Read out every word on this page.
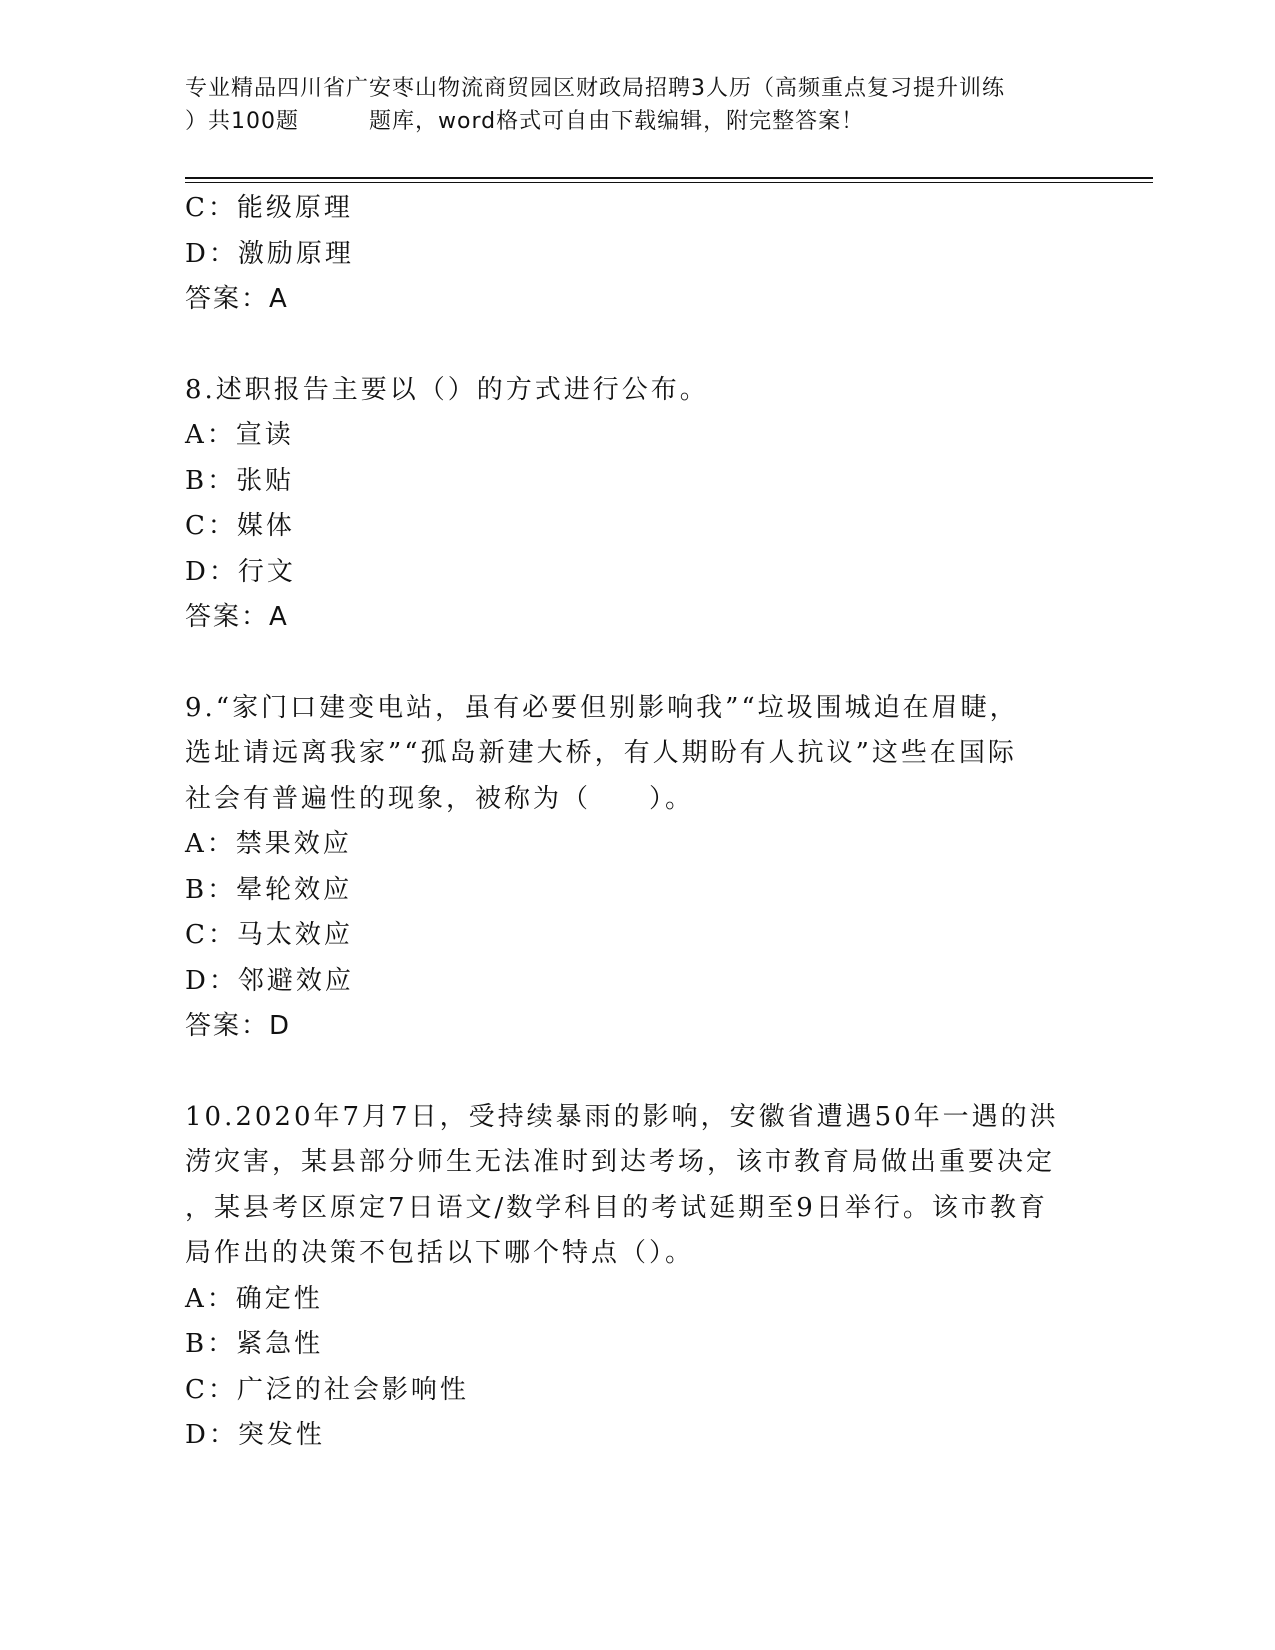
专业精品四川省广安枣山物流商贸园区财政局招聘3人历（高频重点复习提升训练
）共100题	题库，word格式可自由下载编辑，附完整答案！
C：能级原理
D：激励原理
答案：A
8.述职报告主要以（）的方式进行公布。
A：宣读
B：张贴
C：媒体
D：行文
答案：A
9.“家门口建变电站，虽有必要但别影响我”“垃圾围城迫在眉睫，
选址请远离我家”“孤岛新建大桥，有人期盼有人抗议”这些在国际
社会有普遍性的现象，被称为（　　）。
A：禁果效应
B：晕轮效应
C：马太效应
D：邻避效应
答案：D
10.2020年7月7日，受持续暴雨的影响，安徽省遭遇50年一遇的洪
涝灾害，某县部分师生无法准时到达考场，该市教育局做出重要决定
，某县考区原定7日语文/数学科目的考试延期至9日举行。该市教育
局作出的决策不包括以下哪个特点（）。
A：确定性
B：紧急性
C：广泛的社会影响性
D：突发性
